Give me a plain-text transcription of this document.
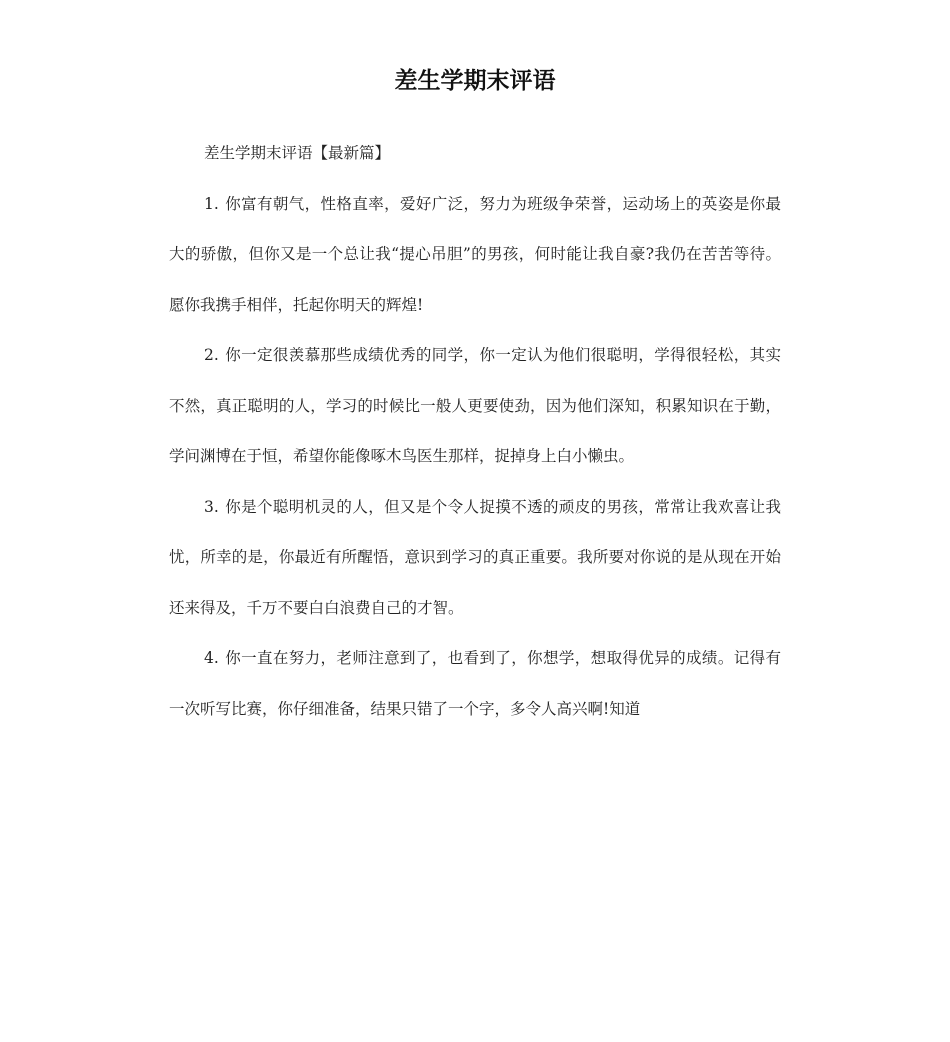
差生学期末评语

差生学期末评语【最新篇】

1. 你富有朝气，性格直率，爱好广泛，努力为班级争荣誉，运动场上的英姿是你最大的骄傲，但你又是一个总让我“提心吊胆”的男孩，何时能让我自豪?我仍在苦苦等待。愿你我携手相伴，托起你明天的辉煌!

2. 你一定很羡慕那些成绩优秀的同学，你一定认为他们很聪明，学得很轻松，其实不然，真正聪明的人，学习的时候比一般人更要使劲，因为他们深知，积累知识在于勤，学问渊博在于恒，希望你能像啄木鸟医生那样，捉掉身上白小懒虫。

3. 你是个聪明机灵的人，但又是个令人捉摸不透的顽皮的男孩，常常让我欢喜让我忧，所幸的是，你最近有所醒悟，意识到学习的真正重要。我所要对你说的是从现在开始还来得及，千万不要白白浪费自己的才智。

4. 你一直在努力，老师注意到了，也看到了，你想学，想取得优异的成绩。记得有一次听写比赛，你仔细准备，结果只错了一个字，多令人高兴啊!知道
